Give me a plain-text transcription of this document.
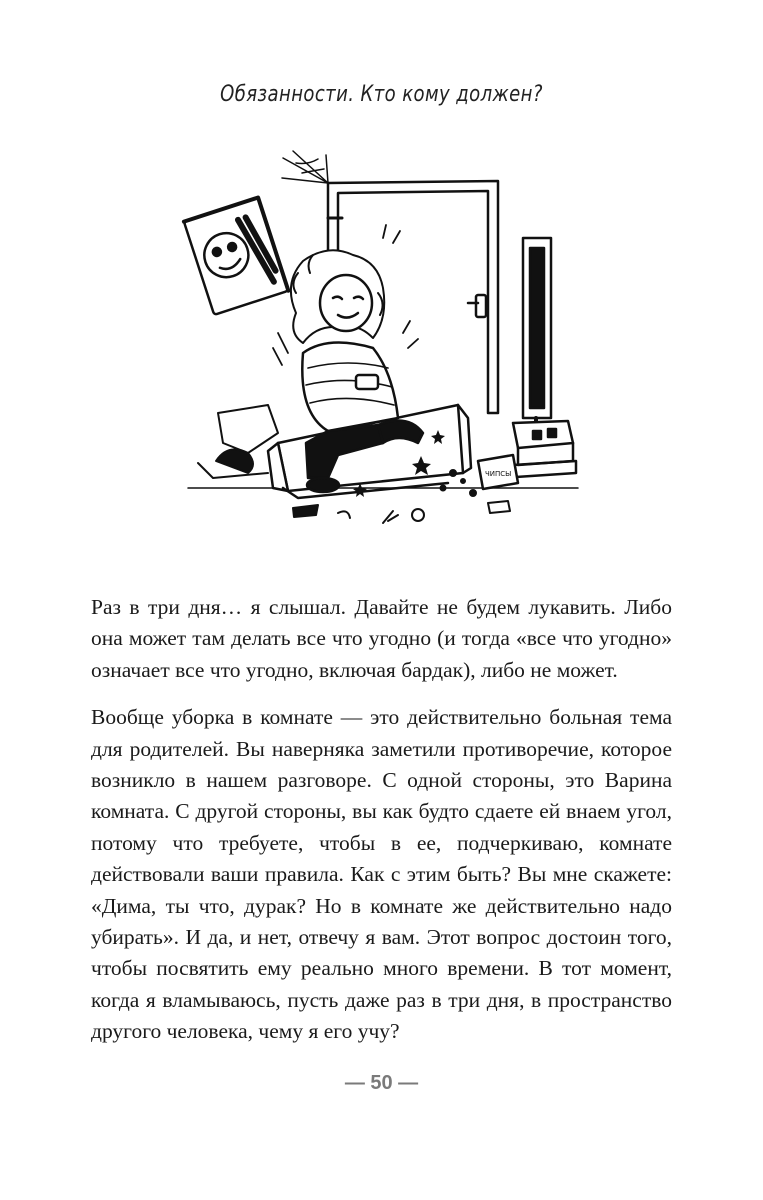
Обязанности. Кто кому должен?
ЧИПСЫ

Раз в три дня… я слышал. Давайте не будем лукавить. Либо она может там делать все что угодно (и тогда «все что угодно» означает все что угодно, включая бардак), либо не может.

Вообще уборка в комнате — это действительно больная тема для родителей. Вы наверняка заметили противоречие, которое возникло в нашем разговоре. С одной стороны, это Варина комната. С другой стороны, вы как будто сдаете ей внаем угол, потому что требуете, чтобы в ее, подчеркиваю, комнате действовали ваши правила. Как с этим быть? Вы мне скажете: «Дима, ты что, дурак? Но в комнате же действительно надо убирать». И да, и нет, отвечу я вам. Этот вопрос достоин того, чтобы посвятить ему реально много времени. В тот момент, когда я вламываюсь, пусть даже раз в три дня, в пространство другого человека, чему я его учу?

— 50 —
